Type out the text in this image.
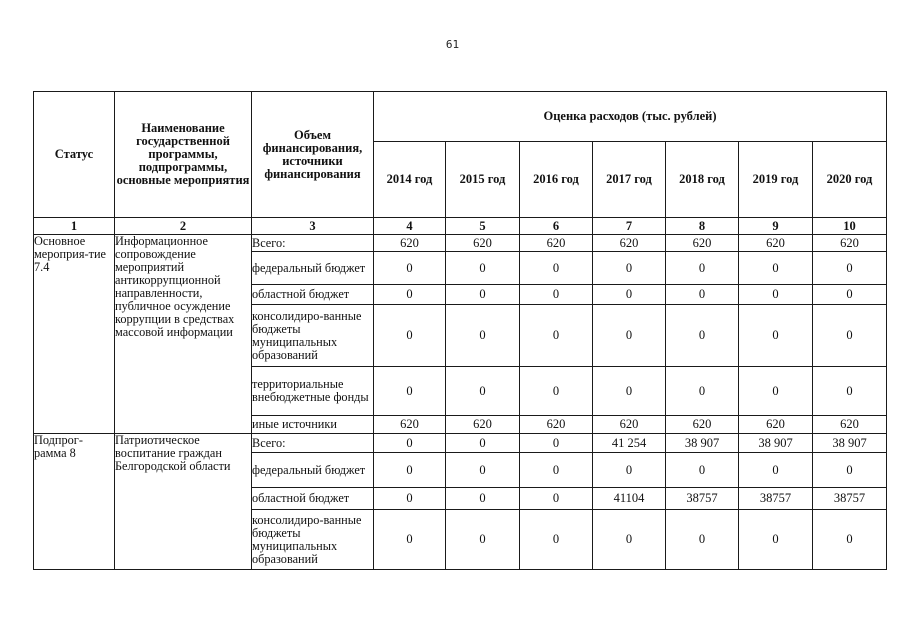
61
Статус	Наименование государственной программы, подпрограммы, основные мероприятия	Объем финансирования, источники финансирования	Оценка расходов (тыс. рублей)						
			2014 год	2015 год	2016 год	2017 год	2018 год	2019 год	2020 год
1	2	3	4	5	6	7	8	9	10
Основное мероприя-тие 7.4	Информационное сопровождение мероприятий антикоррупционной направленности, публичное осуждение коррупции в средствах массовой информации	Всего:	620	620	620	620	620	620	620
		федеральный бюджет	0	0	0	0	0	0	0
		областной бюджет	0	0	0	0	0	0	0
		консолидиро-ванные бюджеты муниципальных образований	0	0	0	0	0	0	0
		территориальные внебюджетные фонды	0	0	0	0	0	0	0
		иные источники	620	620	620	620	620	620	620
Подпрог-рамма 8	Патриотическое воспитание граждан Белгородской области	Всего:	0	0	0	41 254	38 907	38 907	38 907
		федеральный бюджет	0	0	0	0	0	0	0
		областной бюджет	0	0	0	41104	38757	38757	38757
		консолидиро-ванные бюджеты муниципальных образований	0	0	0	0	0	0	0
